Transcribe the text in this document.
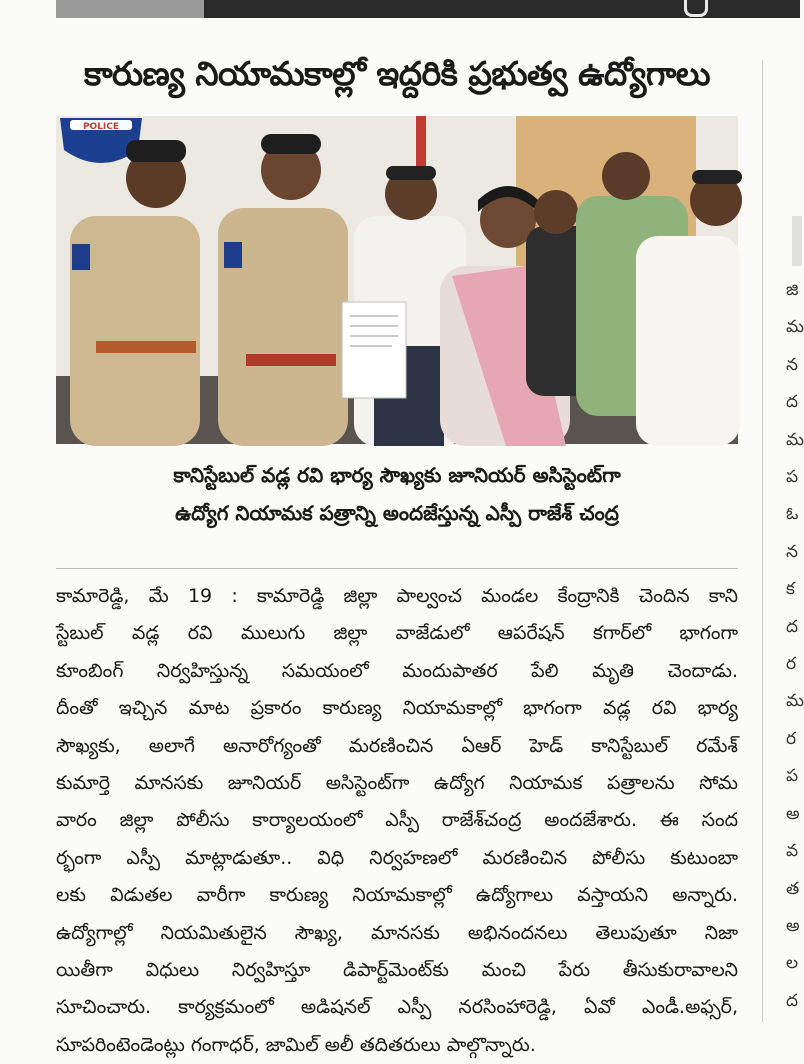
కారుణ్య నియామకాల్లో ఇద్దరికి ప్రభుత్వ ఉద్యోగాలు
POLICE
కానిస్టేబుల్ వడ్ల రవి భార్య సౌఖ్యకు జూనియర్ అసిస్టెంట్‌గా
ఉద్యోగ నియామక పత్రాన్ని అందజేస్తున్న ఎస్పీ రాజేశ్ చంద్ర
కామారెడ్డి, మే 19 : కామారెడ్డి జిల్లా పాల్వంచ మండల కేంద్రానికి చెందిన కాని
స్టేబుల్ వడ్ల రవి ములుగు జిల్లా వాజేడులో ఆపరేషన్ కగార్‌లో భాగంగా
కూంబింగ్ నిర్వహిస్తున్న సమయంలో మందుపాతర పేలి మృతి చెందాడు.
దీంతో ఇచ్చిన మాట ప్రకారం కారుణ్య నియామకాల్లో భాగంగా వడ్ల రవి భార్య
సౌఖ్యకు, అలాగే అనారోగ్యంతో మరణించిన ఏఆర్ హెడ్ కానిస్టేబుల్ రమేశ్
కుమార్తె మానసకు జూనియర్ అసిస్టెంట్‌గా ఉద్యోగ నియామక పత్రాలను సోమ
వారం జిల్లా పోలీసు కార్యాలయంలో ఎస్పీ రాజేశ్‌చంద్ర అందజేశారు. ఈ సంద
ర్భంగా ఎస్పీ మాట్లాడుతూ.. విధి నిర్వహణలో మరణించిన పోలీసు కుటుంబా
లకు విడుతల వారీగా కారుణ్య నియామకాల్లో ఉద్యోగాలు వస్తాయని అన్నారు.
ఉద్యోగాల్లో నియమితులైన సౌఖ్య, మానసకు అభినందనలు తెలుపుతూ నిజా
యితీగా విధులు నిర్వహిస్తూ డిపార్ట్‌మెంట్‌కు మంచి పేరు తీసుకురావాలని
సూచించారు. కార్యక్రమంలో అడిషనల్ ఎస్పీ నరసింహారెడ్డి, ఏవో ఎండీ.అఫ్సర్,
సూపరింటెండెంట్లు గంగాధర్, జామిల్ అలీ తదితరులు పాల్గొన్నారు.
జి
మ
న
ద
మ
ప
ఓ
న
క
ద
ర
మ
ర
ప
అ
వ
త
అ
ల
ద
